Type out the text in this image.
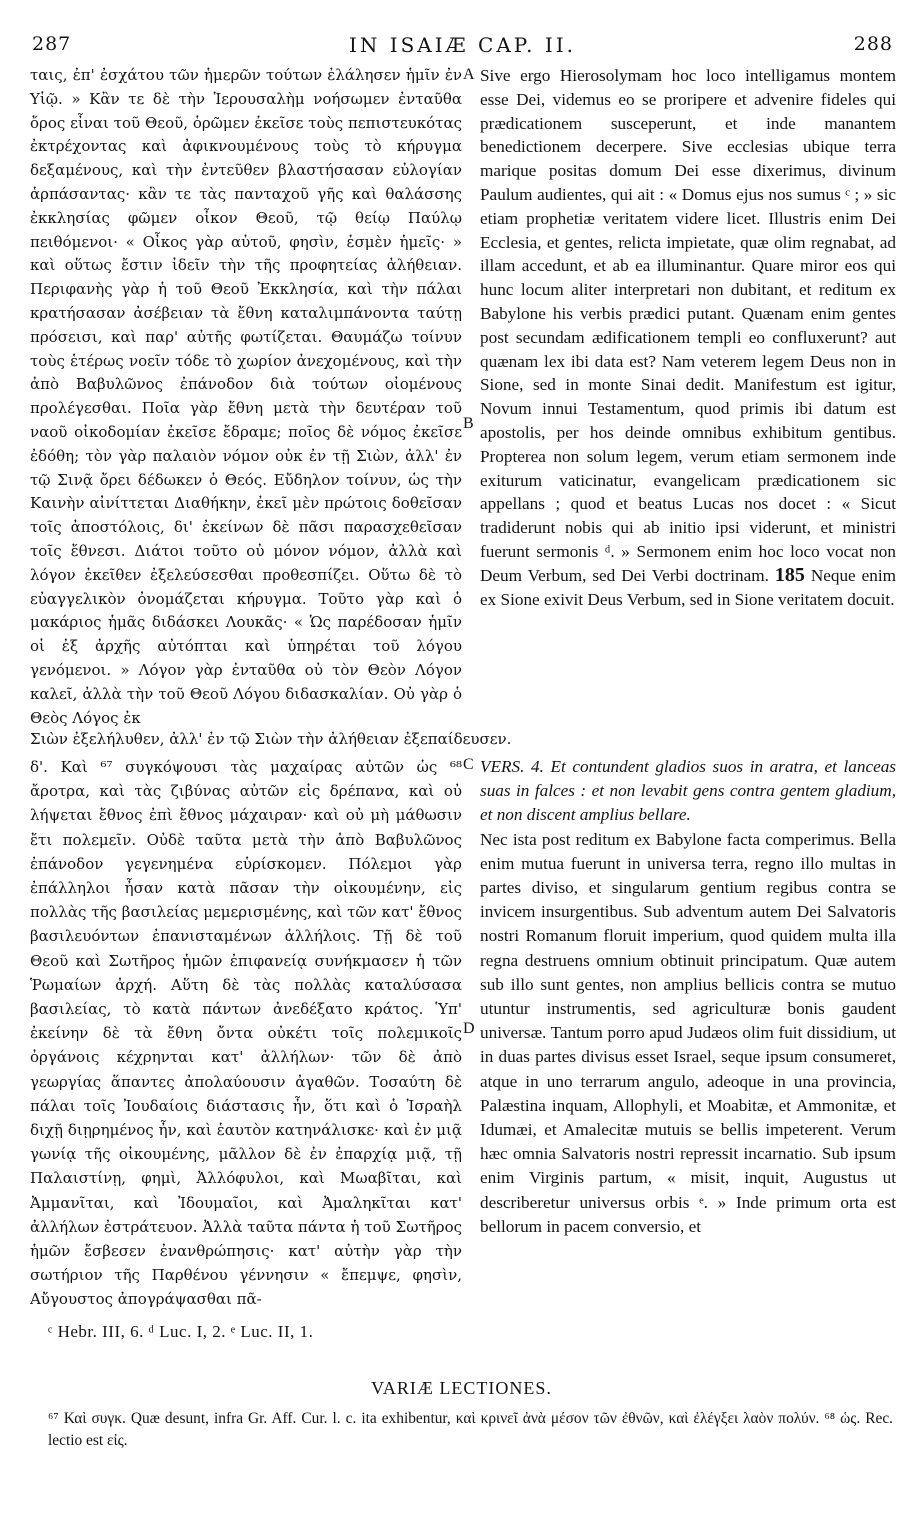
287	IN ISAIÆ CAP. II.	288

ταις, ἐπ' ἐσχάτου τῶν ἡμερῶν τούτων ἐλάλησεν ἡμῖν ἐν Υἱῷ. » Κἂν τε δὲ τὴν Ἱερουσαλὴμ νοήσωμεν ἐνταῦθα ὄρος εἶναι τοῦ Θεοῦ, ὁρῶμεν ἐκεῖσε τοὺς πεπιστευκότας ἐκτρέχοντας καὶ ἀφικνουμένους τοὺς τὸ κήρυγμα δεξαμένους, καὶ τὴν ἐντεῦθεν βλαστήσασαν εὐλογίαν ἁρπάσαντας· κἂν τε τὰς πανταχοῦ γῆς καὶ θαλάσσης ἐκκλησίας φῶμεν οἶκον Θεοῦ, τῷ θείῳ Παύλῳ πειθόμενοι· « Οἶκος γὰρ αὐτοῦ, φησὶν, ἐσμὲν ἡμεῖς· » καὶ οὕτως ἔστιν ἰδεῖν τὴν τῆς προφητείας ἀλήθειαν. Περιφανὴς γὰρ ἡ τοῦ Θεοῦ Ἐκκλησία, καὶ τὴν πάλαι κρατήσασαν ἀσέβειαν τὰ ἔθνη καταλιμπάνοντα ταύτῃ πρόσεισι, καὶ παρ' αὐτῆς φωτίζεται. Θαυμάζω τοίνυν τοὺς ἑτέρως νοεῖν τόδε τὸ χωρίον ἀνεχομένους, καὶ τὴν ἀπὸ Βαβυλῶνος ἐπάνοδον διὰ τούτων οἰομένους προλέγεσθαι. Ποῖα γὰρ ἔθνη μετὰ τὴν δευτέραν τοῦ ναοῦ οἰκοδομίαν ἐκεῖσε ἔδραμε; ποῖος δὲ νόμος ἐκεῖσε ἐδόθη; τὸν γὰρ παλαιὸν νόμον οὐκ ἐν τῇ Σιὼν, ἀλλ' ἐν τῷ Σινᾷ ὄρει δέδωκεν ὁ Θεός. Εὔδηλον τοίνυν, ὡς τὴν Καινὴν αἰνίττεται Διαθήκην, ἐκεῖ μὲν πρώτοις δοθεῖσαν τοῖς ἀποστόλοις, δι' ἐκείνων δὲ πᾶσι παρασχεθεῖσαν τοῖς ἔθνεσι. Διάτοι τοῦτο οὐ μόνον νόμον, ἀλλὰ καὶ λόγον ἐκεῖθεν ἐξελεύσεσθαι προθεσπίζει. Οὕτω δὲ τὸ εὐαγγελικὸν ὀνομάζεται κήρυγμα. Τοῦτο γὰρ καὶ ὁ μακάριος ἡμᾶς διδάσκει Λουκᾶς· « Ὡς παρέδοσαν ἡμῖν οἱ ἐξ ἀρχῆς αὐτόπται καὶ ὑπηρέται τοῦ λόγου γενόμενοι. » Λόγον γὰρ ἐνταῦθα οὐ τὸν Θεὸν Λόγον καλεῖ, ἀλλὰ τὴν τοῦ Θεοῦ Λόγου διδασκαλίαν. Οὐ γὰρ ὁ Θεὸς Λόγος ἐκ

A
B
C
D

Sive ergo Hierosolymam hoc loco intelligamus montem esse Dei, videmus eo se proripere et advenire fideles qui prædicationem susceperunt, et inde manantem benedictionem decerpere. Sive ecclesias ubique terra marique positas domum Dei esse dixerimus, divinum Paulum audientes, qui ait : « Domus ejus nos sumus ᶜ ; » sic etiam prophetiæ veritatem videre licet. Illustris enim Dei Ecclesia, et gentes, relicta impietate, quæ olim regnabat, ad illam accedunt, et ab ea illuminantur. Quare miror eos qui hunc locum aliter interpretari non dubitant, et reditum ex Babylone his verbis prædici putant. Quænam enim gentes post secundam ædificationem templi eo confluxerunt? aut quænam lex ibi data est? Nam veterem legem Deus non in Sione, sed in monte Sinai dedit. Manifestum est igitur, Novum innui Testamentum, quod primis ibi datum est apostolis, per hos deinde omnibus exhibitum gentibus. Propterea non solum legem, verum etiam sermonem inde exiturum vaticinatur, evangelicam prædicationem sic appellans ; quod et beatus Lucas nos docet : « Sicut tradiderunt nobis qui ab initio ipsi viderunt, et ministri fuerunt sermonis ᵈ. » Sermonem enim hoc loco vocat non Deum Verbum, sed Dei Verbi doctrinam. 185 Neque enim ex Sione exivit Deus Verbum, sed in Sione veritatem docuit.

Σιὼν ἐξελήλυθεν, ἀλλ' ἐν τῷ Σιὼν τὴν ἀλήθειαν ἐξεπαίδευσεν.

δ'. Καὶ ⁶⁷ συγκόψουσι τὰς μαχαίρας αὐτῶν ὡς ⁶⁸ ἄροτρα, καὶ τὰς ζιβύνας αὐτῶν εἰς δρέπανα, καὶ οὐ λήψεται ἔθνος ἐπὶ ἔθνος μάχαιραν· καὶ οὐ μὴ μάθωσιν ἔτι πολεμεῖν. Οὐδὲ ταῦτα μετὰ τὴν ἀπὸ Βαβυλῶνος ἐπάνοδον γεγενημένα εὑρίσκομεν. Πόλεμοι γὰρ ἐπάλληλοι ἦσαν κατὰ πᾶσαν τὴν οἰκουμένην, εἰς πολλὰς τῆς βασιλείας μεμερισμένης, καὶ τῶν κατ' ἔθνος βασιλευόντων ἐπανισταμένων ἀλλήλοις. Τῇ δὲ τοῦ Θεοῦ καὶ Σωτῆρος ἡμῶν ἐπιφανείᾳ συνήκμασεν ἡ τῶν Ῥωμαίων ἀρχή. Αὕτη δὲ τὰς πολλὰς καταλύσασα βασιλείας, τὸ κατὰ πάντων ἀνεδέξατο κράτος. Ὑπ' ἐκείνην δὲ τὰ ἔθνη ὄντα οὐκέτι τοῖς πολεμικοῖς ὀργάνοις κέχρηνται κατ' ἀλλήλων· τῶν δὲ ἀπὸ γεωργίας ἅπαντες ἀπολαύουσιν ἀγαθῶν. Τοσαύτη δὲ πάλαι τοῖς Ἰουδαίοις διάστασις ἦν, ὅτι καὶ ὁ Ἰσραὴλ διχῇ διῃρημένος ἦν, καὶ ἑαυτὸν κατηνάλισκε· καὶ ἐν μιᾷ γωνίᾳ τῆς οἰκουμένης, μᾶλλον δὲ ἐν ἐπαρχίᾳ μιᾷ, τῇ Παλαιστίνῃ, φημὶ, Ἀλλόφυλοι, καὶ Μωαβῖται, καὶ Ἀμμανῖται, καὶ Ἰδουμαῖοι, καὶ Ἀμαληκῖται κατ' ἀλλήλων ἐστράτευον. Ἀλλὰ ταῦτα πάντα ἡ τοῦ Σωτῆρος ἡμῶν ἔσβεσεν ἐνανθρώπησις· κατ' αὐτὴν γὰρ τὴν σωτήριον τῆς Παρθένου γέννησιν « ἔπεμψε, φησὶν, Αὔγουστος ἀπογράψασθαι πᾶ-

VERS. 4. Et contundent gladios suos in aratra, et lanceas suas in falces : et non levabit gens contra gentem gladium, et non discent amplius bellare.

Nec ista post reditum ex Babylone facta comperimus. Bella enim mutua fuerunt in universa terra, regno illo multas in partes diviso, et singularum gentium regibus contra se invicem insurgentibus. Sub adventum autem Dei Salvatoris nostri Romanum floruit imperium, quod quidem multa illa regna destruens omnium obtinuit principatum. Quæ autem sub illo sunt gentes, non amplius bellicis contra se mutuo utuntur instrumentis, sed agriculturæ bonis gaudent universæ. Tantum porro apud Judæos olim fuit dissidium, ut in duas partes divisus esset Israel, seque ipsum consumeret, atque in uno terrarum angulo, adeoque in una provincia, Palæstina inquam, Allophyli, et Moabitæ, et Ammonitæ, et Idumæi, et Amalecitæ mutuis se bellis impeterent. Verum hæc omnia Salvatoris nostri repressit incarnatio. Sub ipsum enim Virginis partum, « misit, inquit, Augustus ut describeretur universus orbis ᵉ. » Inde primum orta est bellorum in pacem conversio, et

ᶜ Hebr. III, 6. ᵈ Luc. I, 2. ᵉ Luc. II, 1.
VARIÆ LECTIONES.
⁶⁷ Καὶ συγκ. Quæ desunt, infra Gr. Aff. Cur. l. c. ita exhibentur, καὶ κρινεῖ ἀνὰ μέσον τῶν ἐθνῶν, καὶ ἐλέγξει λαὸν πολύν. ⁶⁸ ὡς. Rec. lectio est εἰς.
